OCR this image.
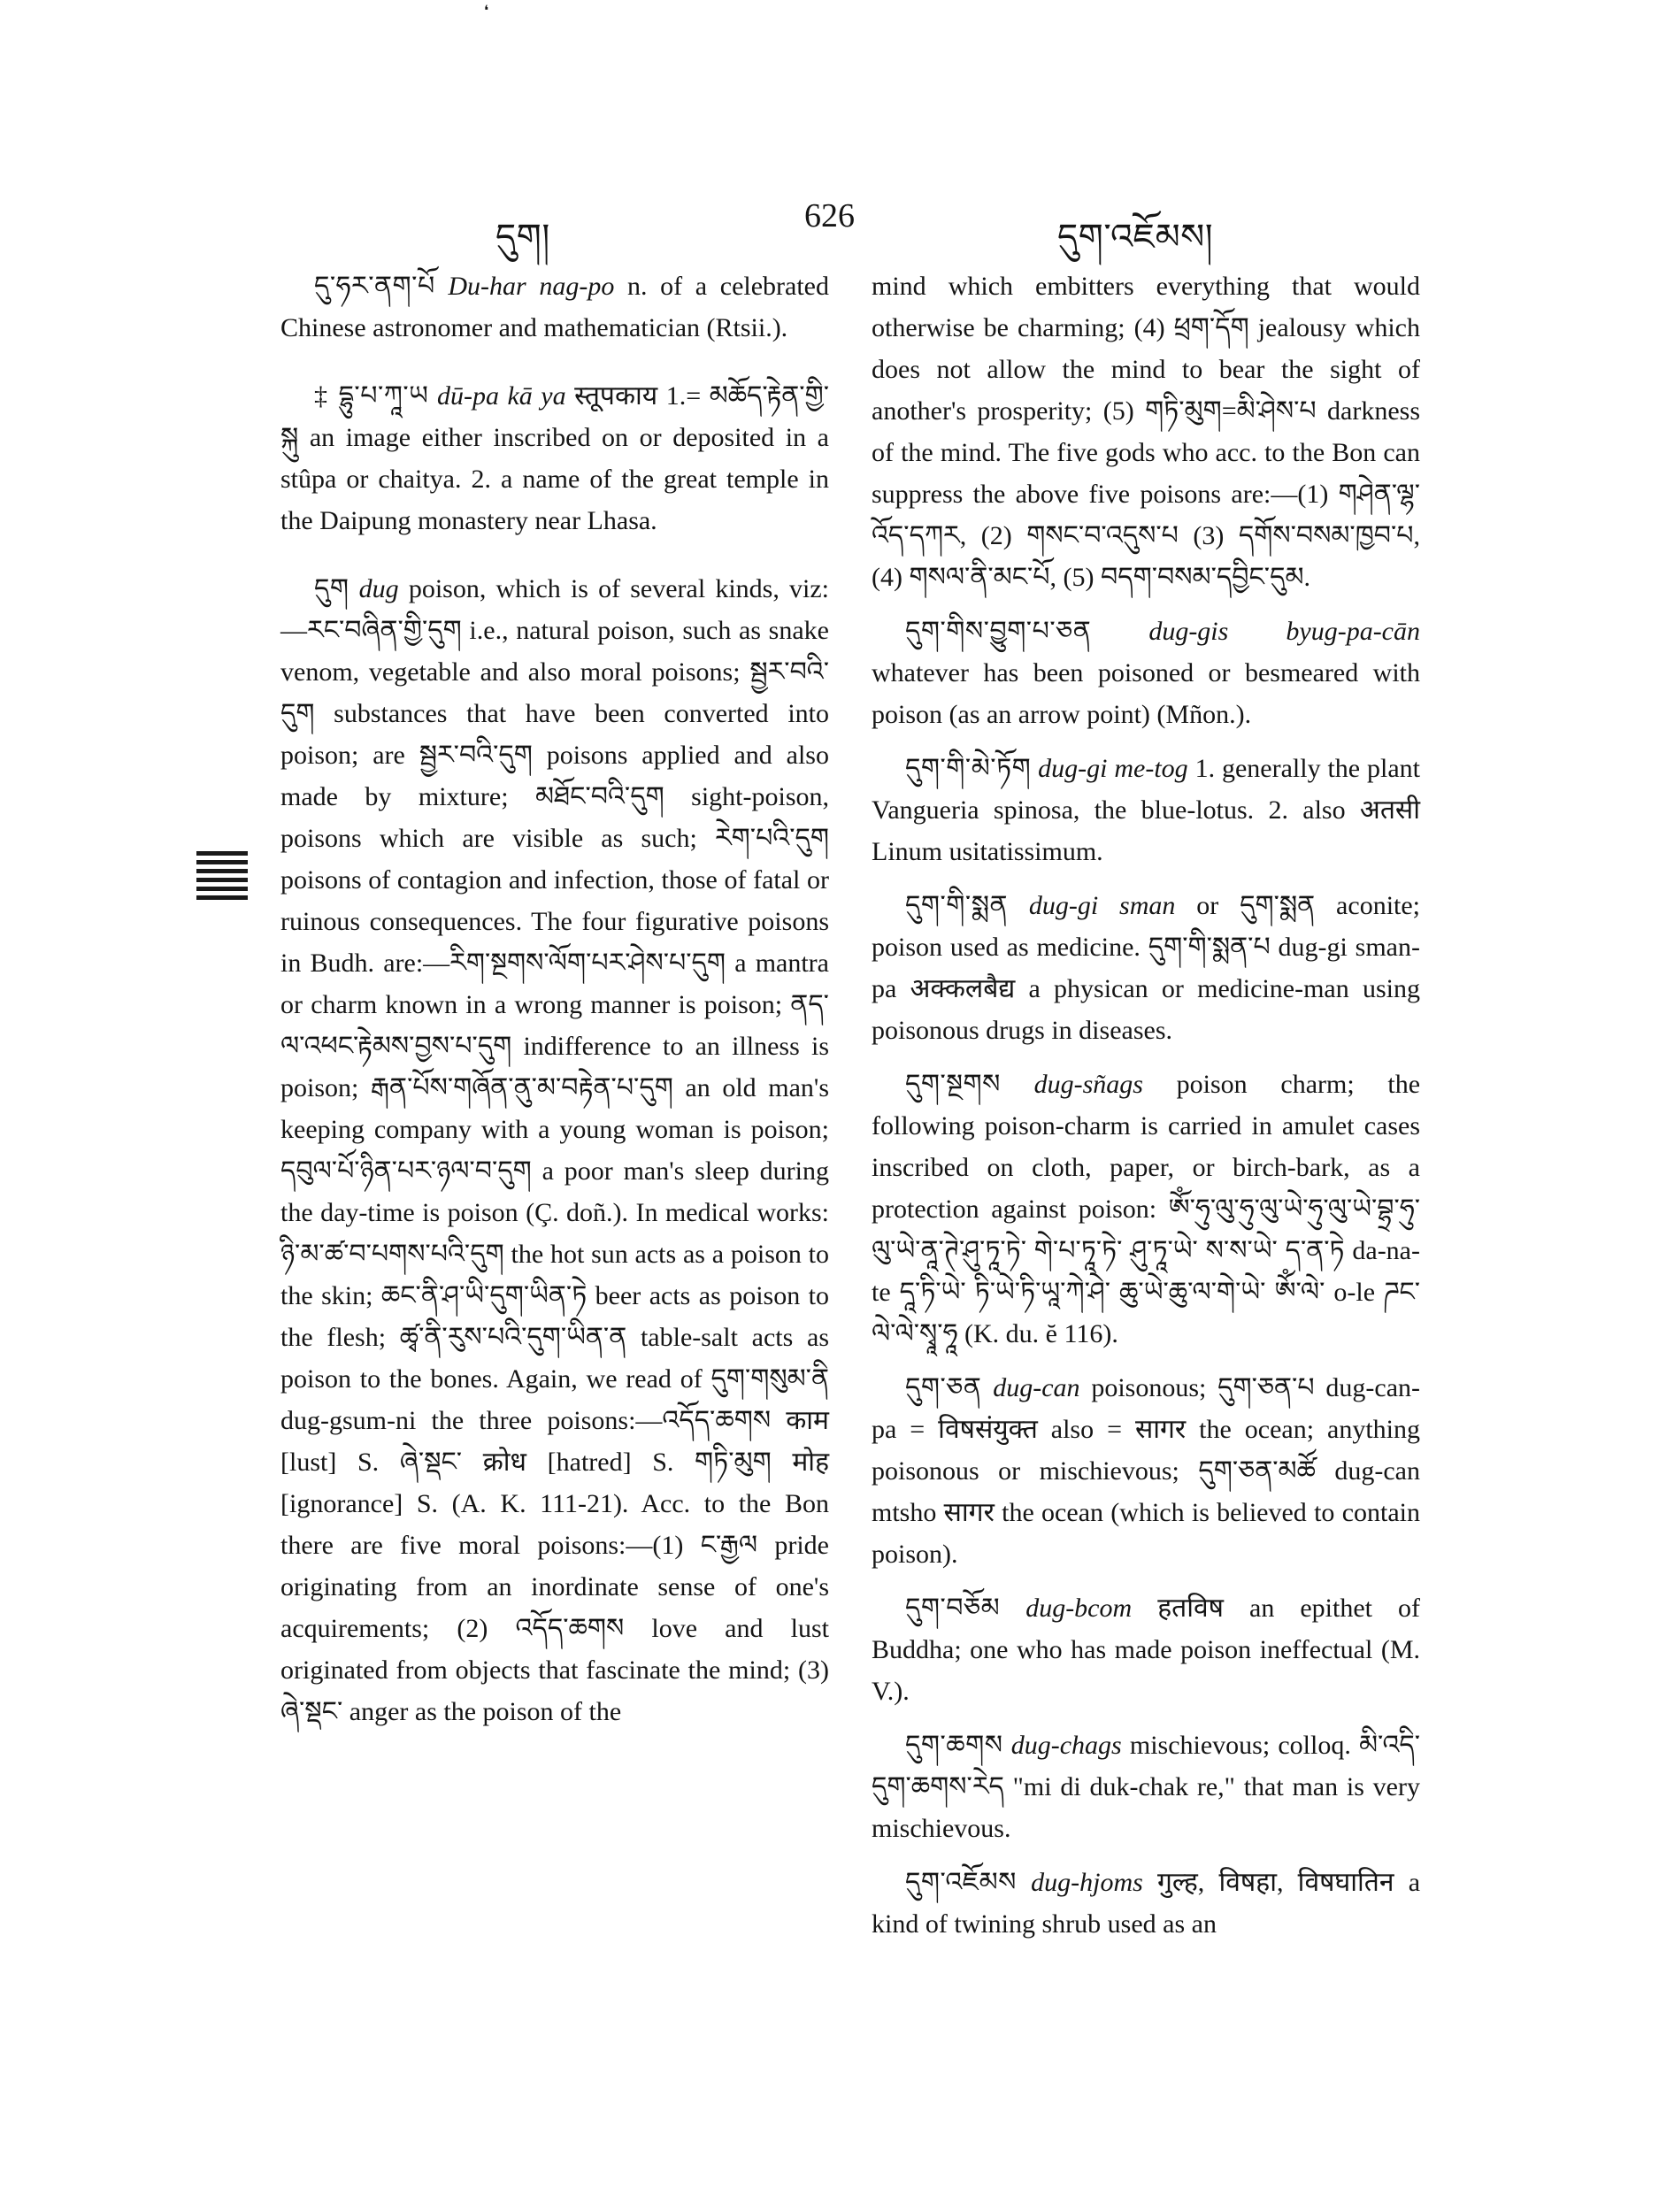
❛
དུག།
626
དུག་འཇོམས།

དུ་ཧར་ནག་པོ Du-har nag-po n. of a celebrated Chinese astronomer and mathematician (Rtsii.).

‡ དྷུ་པ་ཀཱ་ཡ dū-pa kā ya स्तूपकाय 1.= མཆོད་རྟེན་གྱི་སྐུ an image either inscribed on or deposited in a stûpa or chaitya. 2. a name of the great temple in the Daipung monastery near Lhasa.

དུག dug poison, which is of several kinds, viz:—རང་བཞིན་གྱི་དུག i.e., natural poison, such as snake venom, vegetable and also moral poisons; སྦྱར་བའི་དུག substances that have been converted into poison; are སྦྱར་བའི་དུག poisons applied and also made by mixture; མཐོང་བའི་དུག sight-poison, poisons which are visible as such; རེག་པའི་དུག poisons of contagion and infection, those of fatal or ruinous consequences. The four figurative poisons in Budh. are:—རིག་སྔགས་ལོག་པར་ཤེས་པ་དུག a mantra or charm known in a wrong manner is poison; ནད་ལ་འཕང་རྟེམས་བྱས་པ་དུག indifference to an illness is poison; རྒན་པོས་གཞོན་ནུ་མ་བརྟེན་པ་དུག an old man's keeping company with a young woman is poison; དབུལ་པོ་ཉིན་པར་ཉལ་བ་དུག a poor man's sleep during the day-time is poison (Ç. doñ.). In medical works: ཉི་མ་ཚ་བ་པགས་པའི་དུག the hot sun acts as a poison to the skin; ཆང་ནི་ཤ་ཡི་དུག་ཡིན་ཏེ beer acts as poison to the flesh; ཚྭ་ནི་རུས་པའི་དུག་ཡིན་ན table-salt acts as poison to the bones. Again, we read of དུག་གསུམ་ནི dug-gsum-ni the three poisons:—འདོད་ཆགས काम [lust] S. ཞེ་སྡང་ क्रोध [hatred] S. གཏི་མུག मोह [ignorance] S. (A. K. 111-21). Acc. to the Bon there are five moral poisons:—(1) ང་རྒྱལ pride originating from an inordinate sense of one's acquirements; (2) འདོད་ཆགས love and lust originated from objects that fascinate the mind; (3) ཞེ་སྡང་ anger as the poison of the

mind which embitters everything that would otherwise be charming; (4) ཕྲག་དོག jealousy which does not allow the mind to bear the sight of another's prosperity; (5) གཏི་མུག=མི་ཤེས་པ darkness of the mind. The five gods who acc. to the Bon can suppress the above five poisons are:—(1) གཤེན་ལྷ་འོད་དཀར, (2) གསང་བ་འདུས་པ (3) དགོས་བསམ་ཁྱབ་པ, (4) གསལ་ནི་མང་པོ, (5) བདག་བསམ་དབྱིང་དུམ.

དུག་གིས་བྱུག་པ་ཅན dug-gis byug-pa-cān whatever has been poisoned or besmeared with poison (as an arrow point) (Mñon.).

དུག་གི་མེ་ཏོག dug-gi me-tog 1. generally the plant Vangueria spinosa, the blue-lotus. 2. also अतसी Linum usitatissimum.

དུག་གི་སྨན dug-gi sman or དུག་སྨན aconite; poison used as medicine. དུག་གི་སྨན་པ dug-gi sman-pa अक्कलबैद्य a physican or medicine-man using poisonous drugs in diseases.

དུག་སྔགས dug-sñags poison charm; the following poison-charm is carried in amulet cases inscribed on cloth, paper, or birch-bark, as a protection against poison: ཨོཾ་ཧུ་ལུ་ཧུ་ལུ་ཡེ་ཧུ་ལུ་ཡེ་བྷྲ་ཧུ་ལུ་ཡེ་ནཱ་ཊེ་ཤུ་ཏཱ་ཏེ་ གེ་པ་ཏཱ་ཏེ་ ཤུ་ཏཱ་ཡེ་ ས་ས་ཡེ་ ད་ན་ཏེ da-na-te དཱ་ཏི་ཡེ་ ཏི་ཡེ་ཏི་ཡཱ་ཀེ་ཤེ་ ཆུ་ཡེ་ཆུ་ལ་གེ་ཡེ་ ཨོཾ་ལེ་ o-le ཌང་ལེ་ལེ་སྭཱ་ཧཱ (K. du. ĕ 116).

དུག་ཅན dug-can poisonous; དུག་ཅན་པ dug-can-pa = विषसंयुक्त also = सागर the ocean; anything poisonous or mischievous; དུག་ཅན་མཚོ dug-can mtsho सागर the ocean (which is believed to contain poison).

དུག་བཅོམ dug-bcom हतविष an epithet of Buddha; one who has made poison ineffectual (M. V.).

དུག་ཆགས dug-chags mischievous; colloq. མི་འདི་དུག་ཆགས་རེད "mi di duk-chak re," that man is very mischievous.

དུག་འཇོམས dug-hjoms गुल्ह, विषहा, विषघातिन a kind of twining shrub used as an
